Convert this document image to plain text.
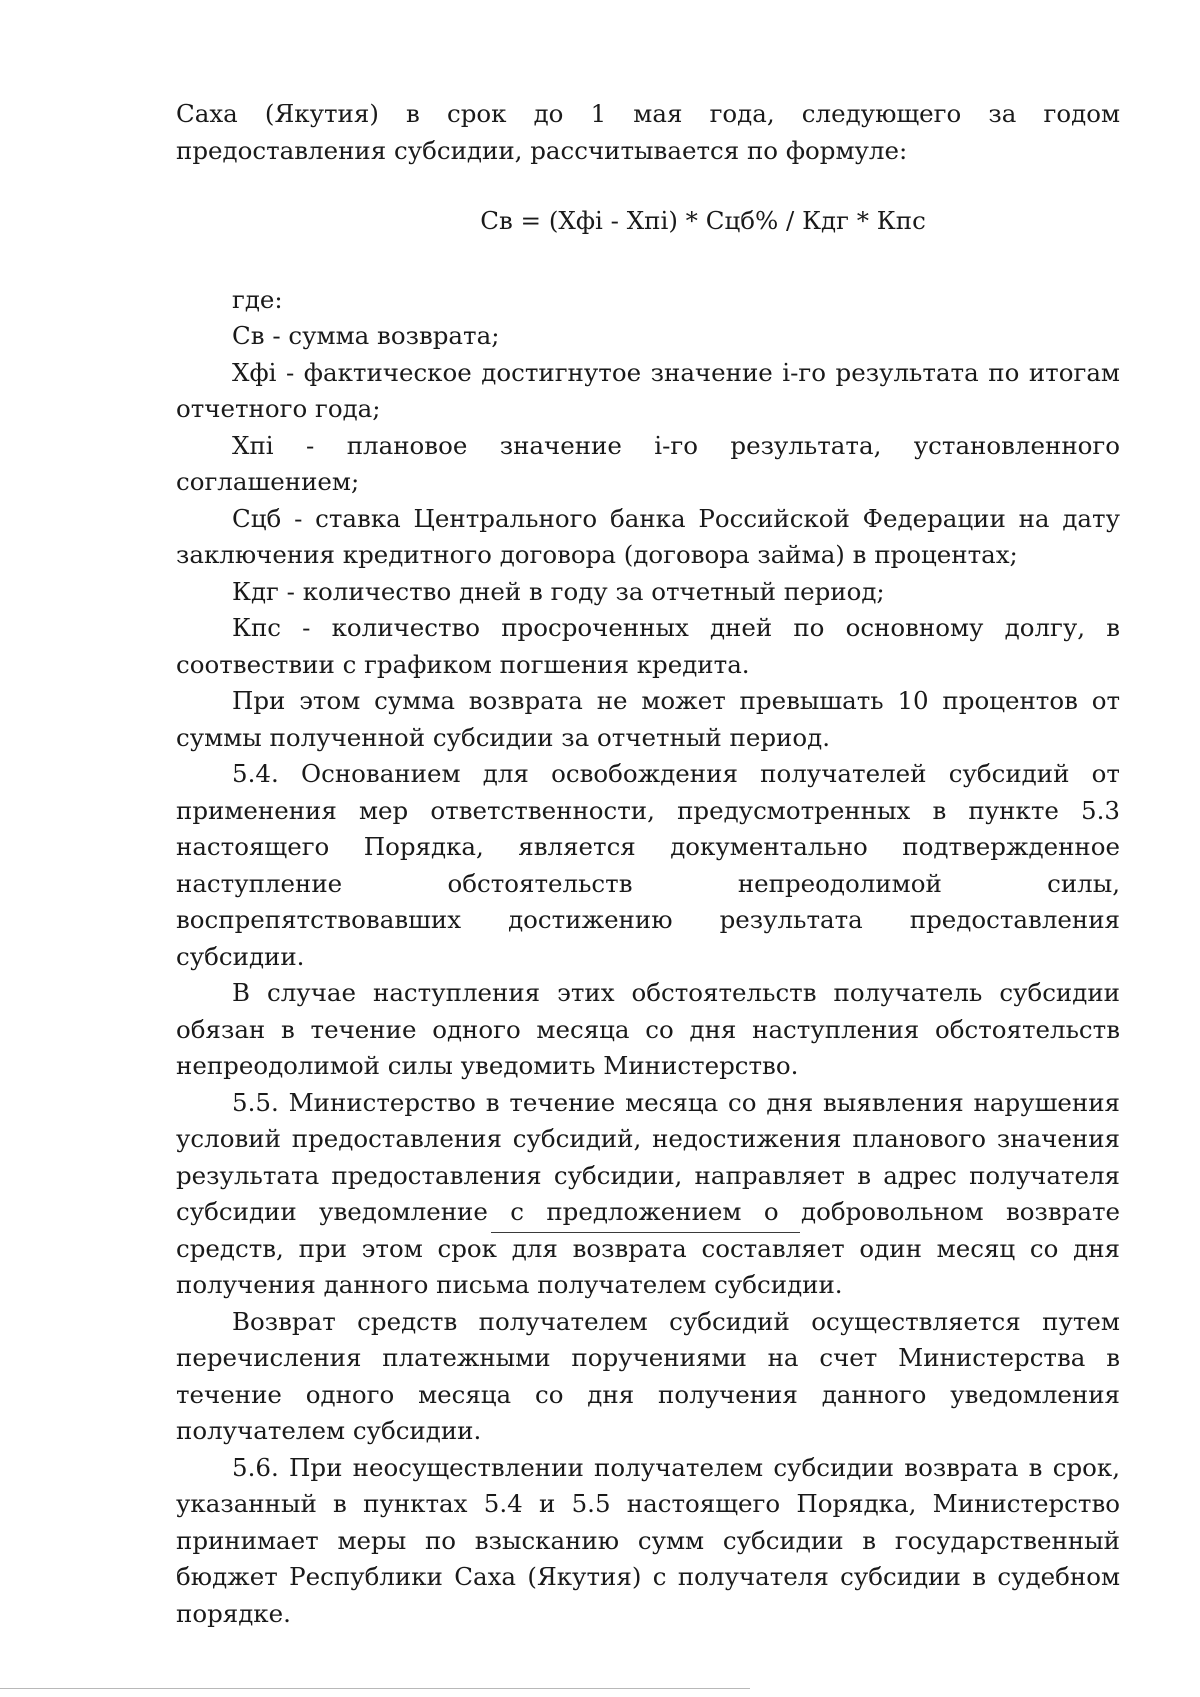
Саха (Якутия) в срок до 1 мая года, следующего за годом предоставления субсидии, рассчитывается по формуле:

Св = (Хфi - Хпi) * Сцб% / Кдг * Кпс

где:

Св - сумма возврата;

Хфi - фактическое достигнутое значение i-го результата по итогам отчетного года;

Хпi - плановое значение i-го результата, установленного соглашением;

Сцб - ставка Центрального банка Российской Федерации на дату заключения кредитного договора (договора займа) в процентах;

Кдг - количество дней в году за отчетный период;

Кпс - количество просроченных дней по основному долгу, в соотвествии с графиком погшения кредита.

При этом сумма возврата не может превышать 10 процентов от суммы полученной субсидии за отчетный период.

5.4. Основанием для освобождения получателей субсидий от применения мер ответственности, предусмотренных в пункте 5.3 настоящего Порядка, является документально подтвержденное наступление обстоятельств непреодолимой силы, воспрепятствовавших достижению результата предоставления субсидии.

В случае наступления этих обстоятельств получатель субсидии обязан в течение одного месяца со дня наступления обстоятельств непреодолимой силы уведомить Министерство.

5.5. Министерство в течение месяца со дня выявления нарушения условий предоставления субсидий, недостижения планового значения результата предоставления субсидии, направляет в адрес получателя субсидии уведомление с предложением о добровольном возврате средств, при этом срок для возврата составляет один месяц со дня получения данного письма получателем субсидии.

Возврат средств получателем субсидий осуществляется путем перечисления платежными поручениями на счет Министерства в течение одного месяца со дня получения данного уведомления получателем субсидии.

5.6. При неосуществлении получателем субсидии возврата в срок, указанный в пунктах 5.4 и 5.5 настоящего Порядка, Министерство принимает меры по взысканию сумм субсидии в государственный бюджет Республики Саха (Якутия) с получателя субсидии в судебном порядке.
